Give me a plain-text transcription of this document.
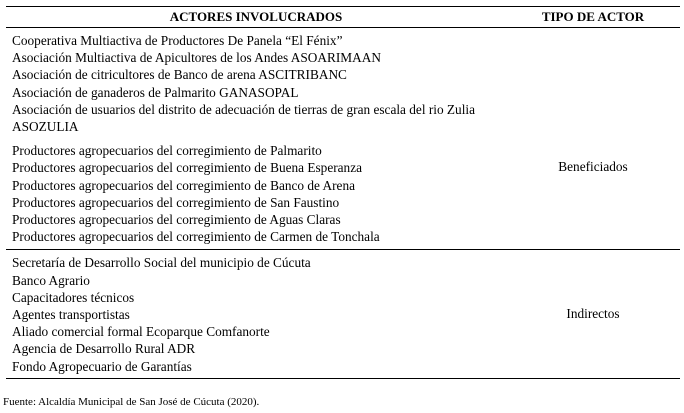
ACTORES INVOLUCRADOS	TIPO DE ACTOR
Beneficiados
Cooperativa Multiactiva de Productores De Panela “El Fénix”
Asociación Multiactiva de Apicultores de los Andes ASOARIMAAN
Asociación de citricultores de Banco de arena ASCITRIBANC
Asociación de ganaderos de Palmarito GANASOPAL
Asociación de usuarios del distrito de adecuación de tierras de gran escala del rio Zulia ASOZULIA
Productores agropecuarios del corregimiento de Palmarito
Productores agropecuarios del corregimiento de Buena Esperanza
Productores agropecuarios del corregimiento de Banco de Arena
Productores agropecuarios del corregimiento de San Faustino
Productores agropecuarios del corregimiento de Aguas Claras
Productores agropecuarios del corregimiento de Carmen de Tonchala
Indirectos
Secretaría de Desarrollo Social del municipio de Cúcuta
Banco Agrario
Capacitadores técnicos
Agentes transportistas
Aliado comercial formal Ecoparque Comfanorte
Agencia de Desarrollo Rural ADR
Fondo Agropecuario de Garantías
Fuente: Alcaldía Municipal de San José de Cúcuta (2020).
